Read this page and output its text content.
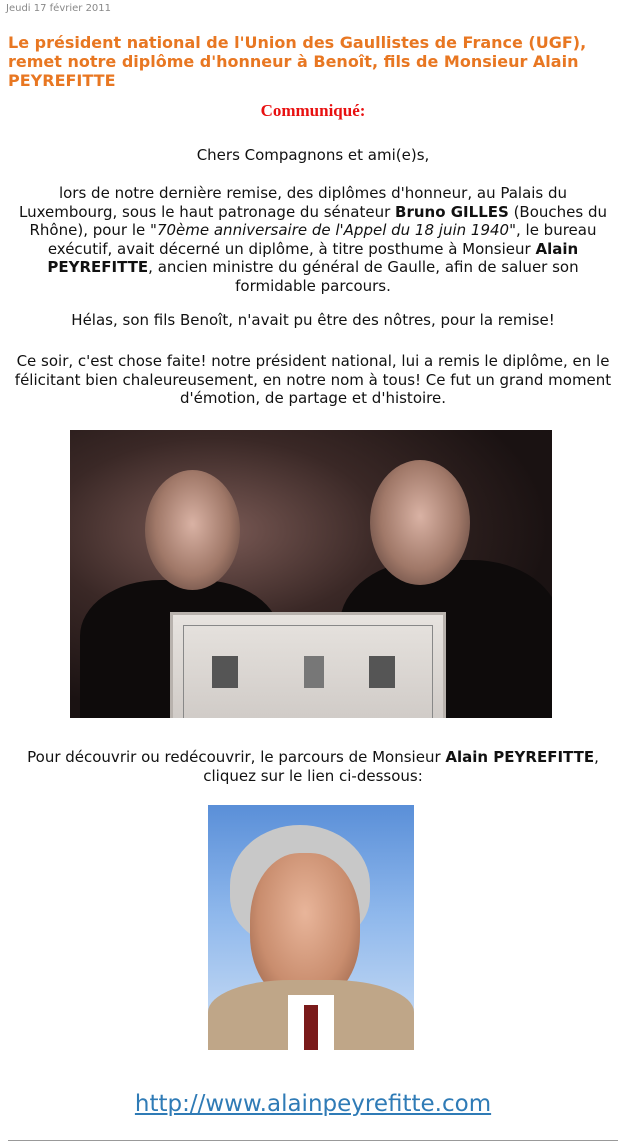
Jeudi 17 février 2011
Le président national de l'Union des Gaullistes de France (UGF), remet notre diplôme d'honneur à Benoît, fils de Monsieur Alain PEYREFITTE
Communiqué:
Chers Compagnons et ami(e)s,
lors de notre dernière remise, des diplômes d'honneur, au Palais du Luxembourg, sous le haut patronage du sénateur Bruno GILLES (Bouches du Rhône), pour le "70ème anniversaire de l'Appel du 18 juin 1940", le bureau exécutif, avait décerné un diplôme, à titre posthume à Monsieur Alain PEYREFITTE, ancien ministre du général de Gaulle, afin de saluer son formidable parcours.
Hélas, son fils Benoît, n'avait pu être des nôtres, pour la remise!
Ce soir, c'est chose faite! notre président national, lui a remis le diplôme, en le félicitant bien chaleureusement, en notre nom à tous! Ce fut un grand moment d'émotion, de partage et d'histoire.
Pour découvrir ou redécouvrir, le parcours de Monsieur Alain PEYREFITTE, cliquez sur le lien ci-dessous:
http://www.alainpeyrefitte.com
